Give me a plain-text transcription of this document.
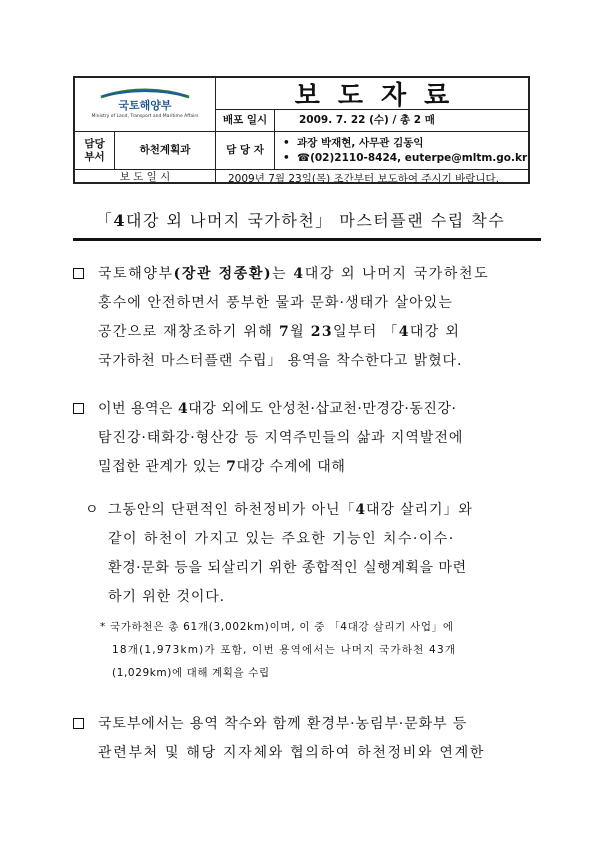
국토해양부
Ministry of Land, Transport and Maritime Affairs
보도자료
배포 일시	2009. 7. 22 (수) / 총 2 매
담당
부서
하천계획과	담 당 자
• 과장 박재현, 사무관 김동익
• ☎(02)2110-8424, euterpe@mltm.go.kr
보 도 일 시	2009년 7월 23일(목) 조간부터 보도하여 주시기 바랍니다.
「4대강 외 나머지 국가하천」 마스터플랜 수립 착수
국토해양부(장관 정종환)는 4대강 외 나머지 국가하천도
홍수에 안전하면서 풍부한 물과 문화·생태가 살아있는
공간으로 재창조하기 위해 7월 23일부터 「4대강 외
국가하천 마스터플랜 수립」 용역을 착수한다고 밝혔다.
이번 용역은 4대강 외에도 안성천·삽교천·만경강·동진강·
탐진강·태화강·형산강 등 지역주민들의 삶과 지역발전에
밀접한 관계가 있는 7대강 수계에 대해
ㅇ 그동안의 단편적인 하천정비가 아닌「4대강 살리기」와
같이 하천이 가지고 있는 주요한 기능인 치수·이수·
환경·문화 등을 되살리기 위한 종합적인 실행계획을 마련
하기 위한 것이다.
* 국가하천은 총 61개(3,002km)이며, 이 중 「4대강 살리기 사업」에
18개(1,973km)가 포함, 이번 용역에서는 나머지 국가하천 43개
(1,029km)에 대해 계획을 수립
국토부에서는 용역 착수와 함께 환경부·농림부·문화부 등
관련부처 및 해당 지자체와 협의하여 하천정비와 연계한
